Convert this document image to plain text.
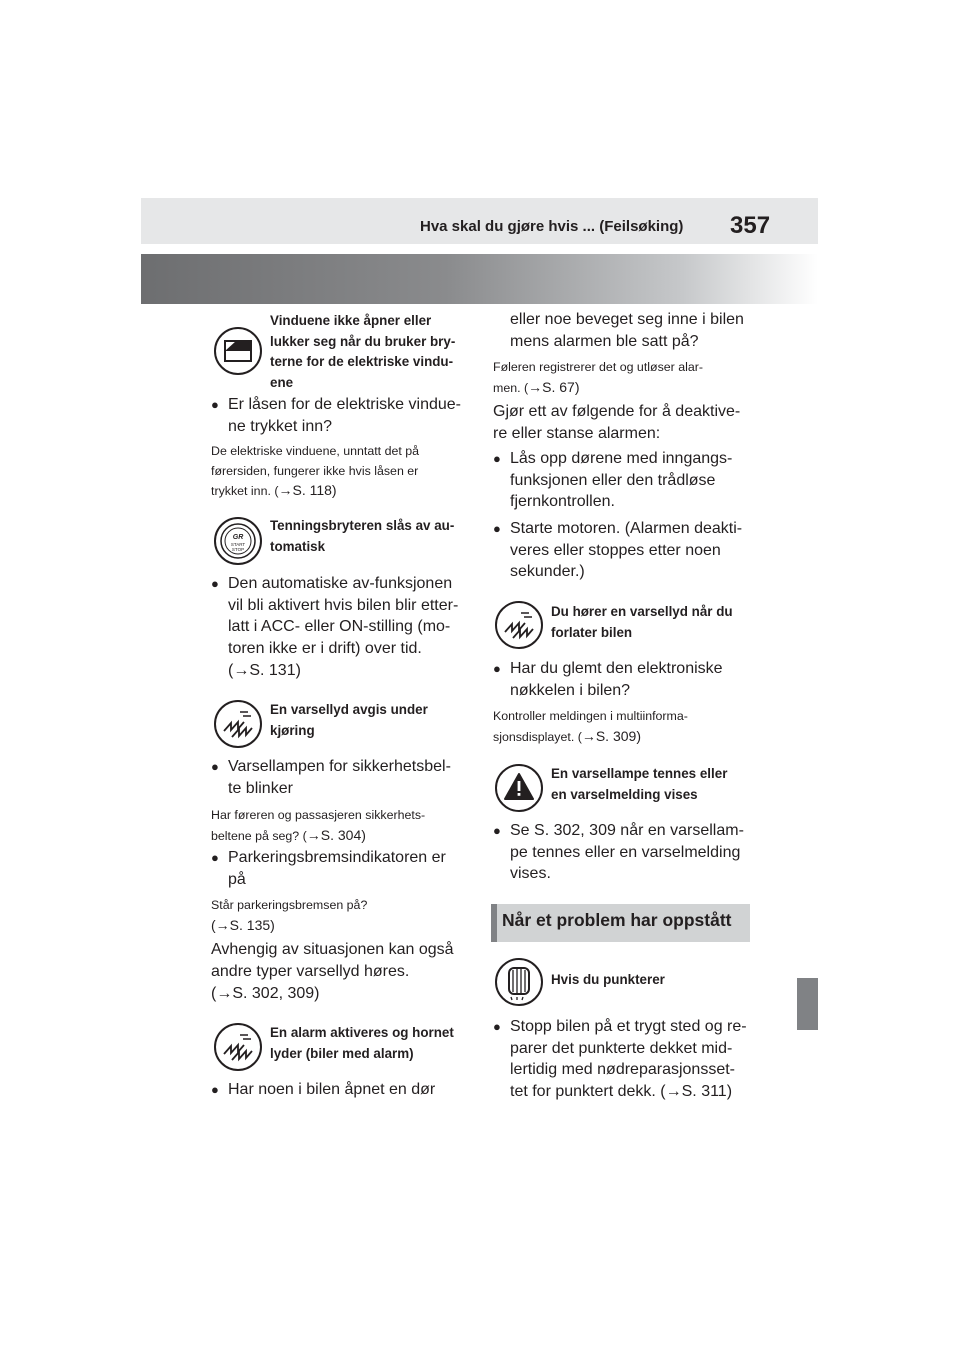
Hva skal du gjøre hvis ... (Feilsøking) 357
Vinduene ikke åpner eller
lukker seg når du bruker bry-
terne for de elektriske vindu-
ene
● Er låsen for de elektriske vindue-
ne trykket inn?
De elektriske vinduene, unntatt det på
førersiden, fungerer ikke hvis låsen er
trykket inn. (→S. 118)
GR
START
STOP
Tenningsbryteren slås av au-
tomatisk
● Den automatiske av-funksjonen
vil bli aktivert hvis bilen blir etter-
latt i ACC- eller ON-stilling (mo-
toren ikke er i drift) over tid.
(→S. 131)
En varsellyd avgis under
kjøring
● Varsellampen for sikkerhetsbel-
te blinker
Har føreren og passasjeren sikkerhets-
beltene på seg? (→S. 304)
● Parkeringsbremsindikatoren er
på
Står parkeringsbremsen på?
(→S. 135)
Avhengig av situasjonen kan også
andre typer varsellyd høres.
(→S. 302, 309)
En alarm aktiveres og hornet
lyder (biler med alarm)
● Har noen i bilen åpnet en dør
eller noe beveget seg inne i bilen
mens alarmen ble satt på?
Føleren registrerer det og utløser alar-
men. (→S. 67)
Gjør ett av følgende for å deaktive-
re eller stanse alarmen:
● Lås opp dørene med inngangs-
funksjonen eller den trådløse
fjernkontrollen.
● Starte motoren. (Alarmen deakti-
veres eller stoppes etter noen
sekunder.)
Du hører en varsellyd når du
forlater bilen
● Har du glemt den elektroniske
nøkkelen i bilen?
Kontroller meldingen i multiinforma-
sjonsdisplayet. (→S. 309)
En varsellampe tennes eller
en varselmelding vises
● Se S. 302, 309 når en varsellam-
pe tennes eller en varselmelding
vises.
Når et problem har oppstått
Hvis du punkterer
● Stopp bilen på et trygt sted og re-
parer det punkterte dekket mid-
lertidig med nødreparasjonsset-
tet for punktert dekk. (→S. 311)
